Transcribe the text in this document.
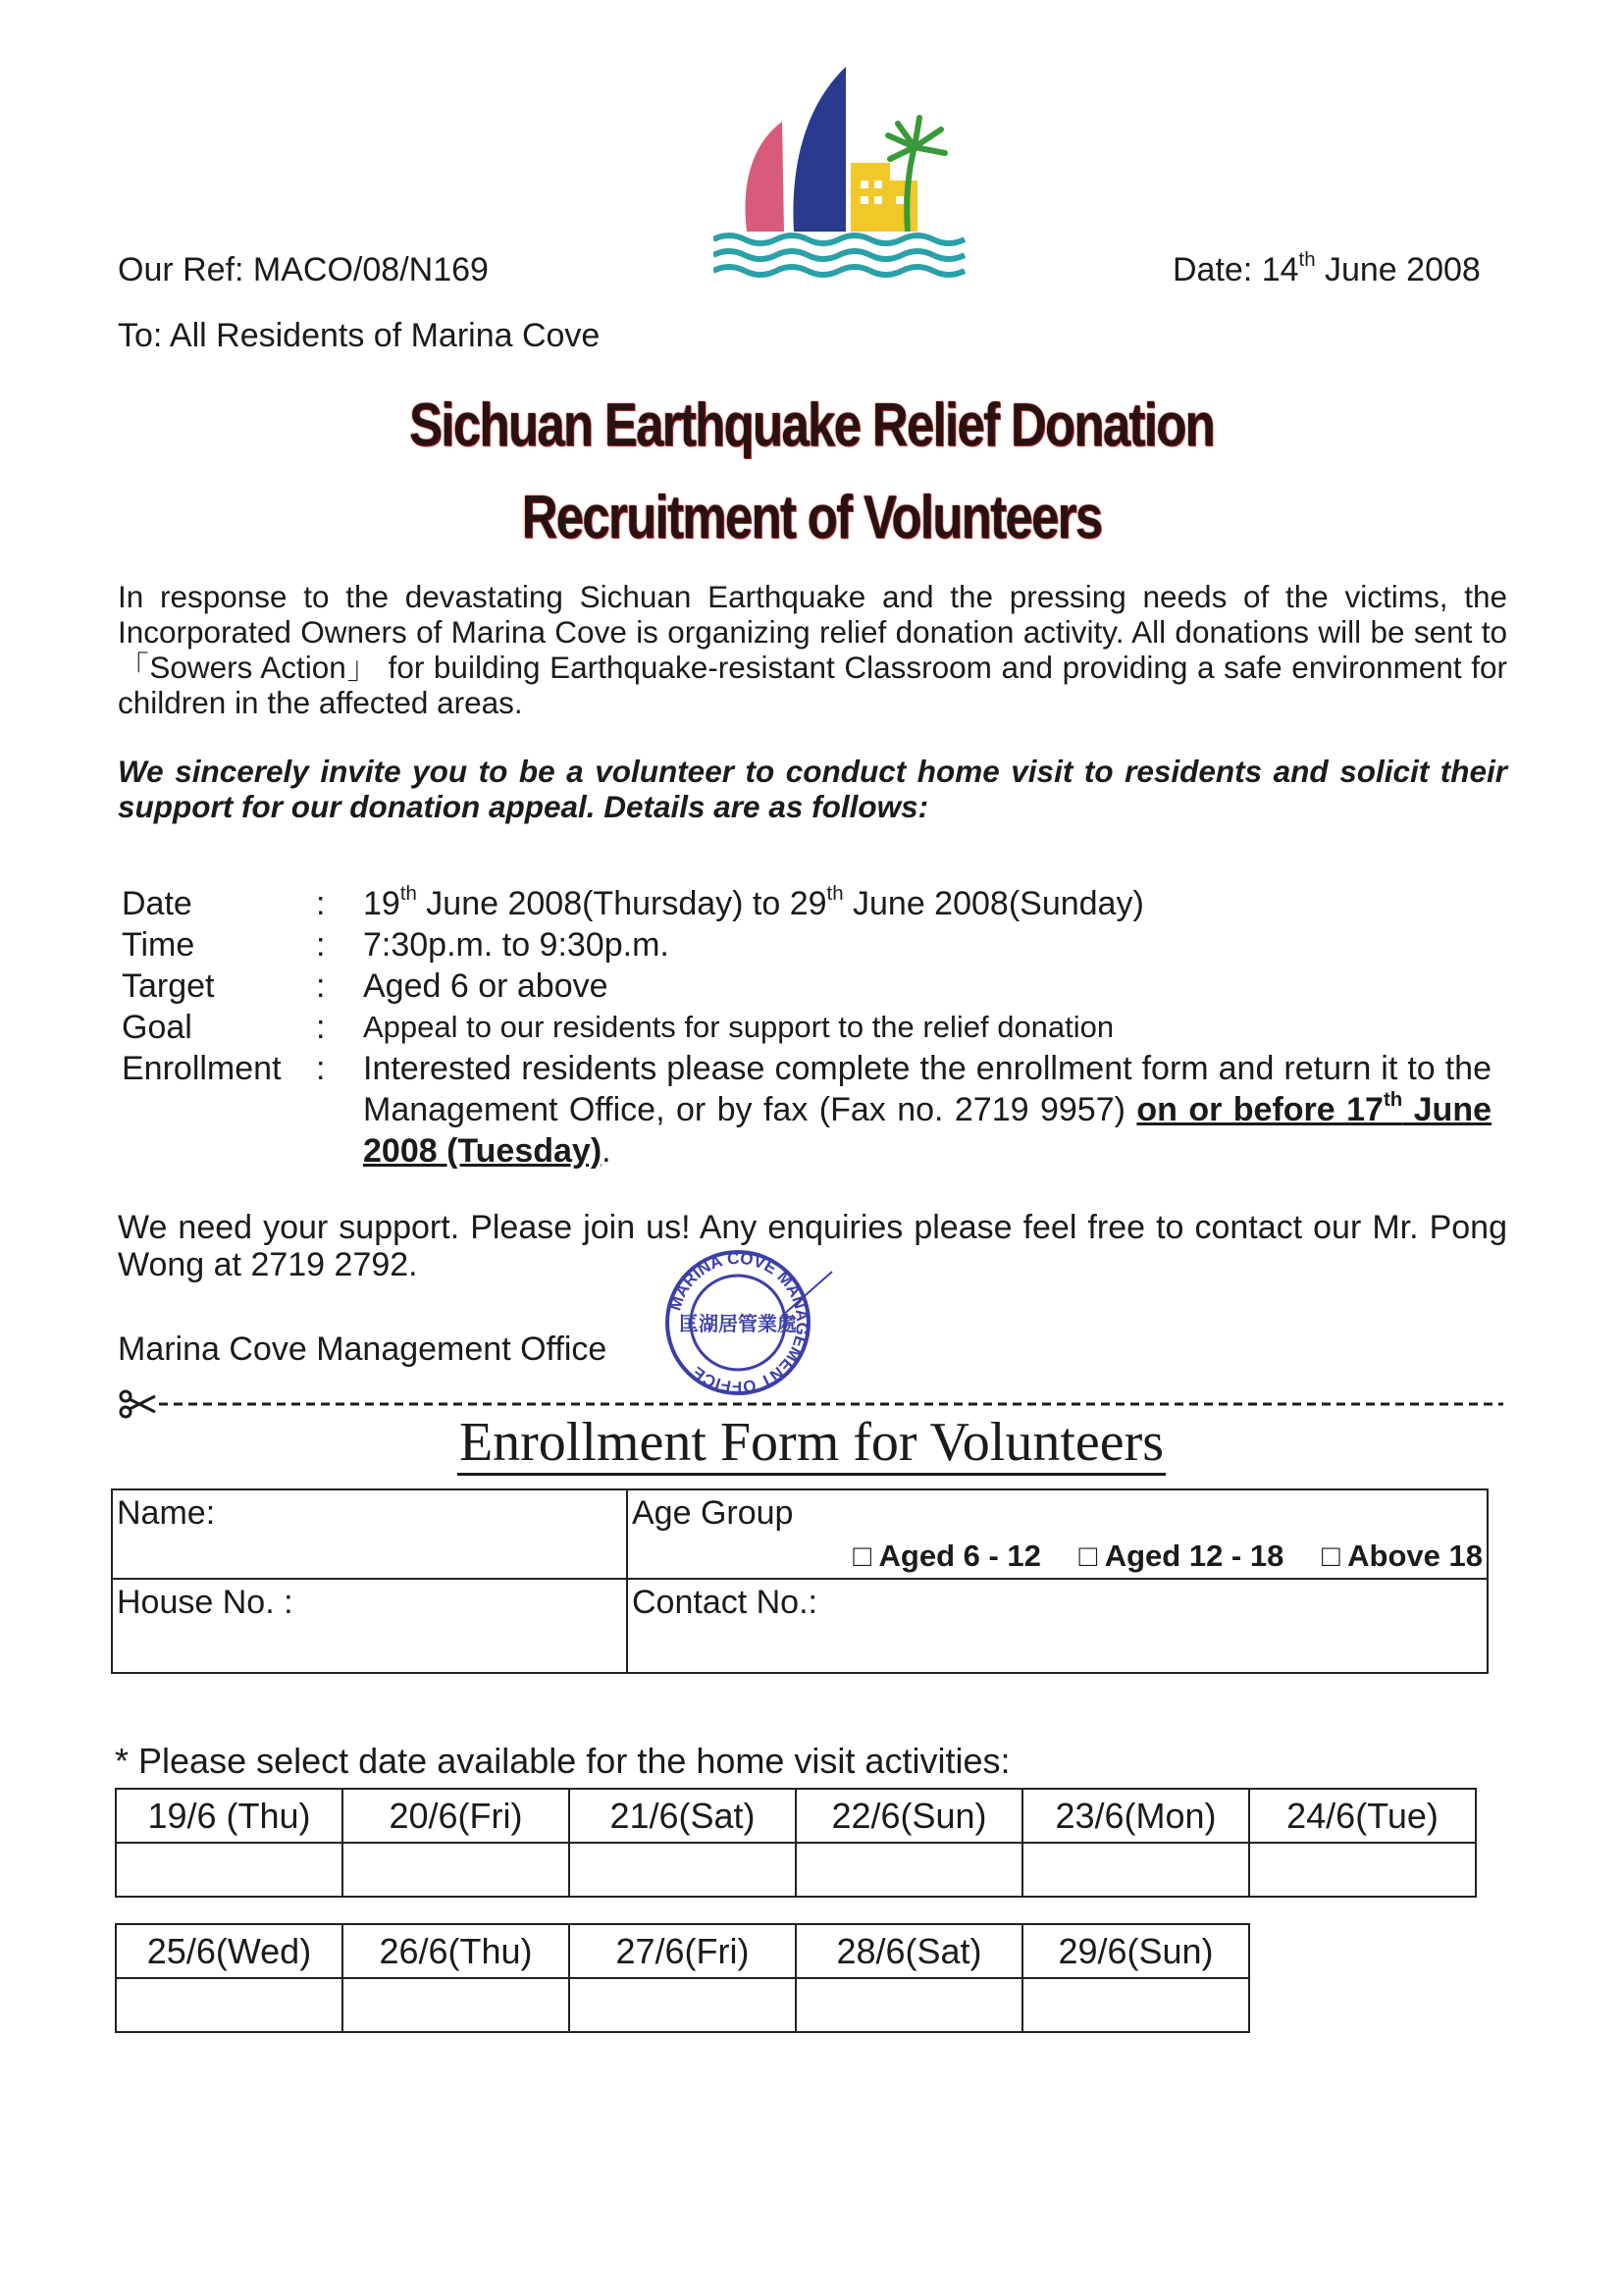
Our Ref: MACO/08/N169	Date: 14th June 2008
To: All Residents of Marina Cove
Sichuan Earthquake Relief Donation
Recruitment of Volunteers
In response to the devastating Sichuan Earthquake and the pressing needs of the victims, the Incorporated Owners of Marina Cove is organizing relief donation activity. All donations will be sent to 「Sowers Action」 for building Earthquake-resistant Classroom and providing a safe environment for children in the affected areas.
We sincerely invite you to be a volunteer to conduct home visit to residents and solicit their support for our donation appeal. Details are as follows:
Date	:	19th June 2008(Thursday) to 29th June 2008(Sunday)
Time	:	7:30p.m. to 9:30p.m.
Target	:	Aged 6 or above
Goal	:	Appeal to our residents for support to the relief donation
Enrollment	:	Interested residents please complete the enrollment form and return it to the Management Office, or by fax (Fax no. 2719 9957) on or before 17th June 2008 (Tuesday).
We need your support. Please join us! Any enquiries please feel free to contact our Mr. Pong Wong at 2719 2792.
Marina Cove Management Office
MARINA COVE MANAGEMENT OFFICE
匡湖居管業處
Enrollment Form for Volunteers
Name:	Age Group
□ Aged 6 - 12 □ Aged 12 - 18 □ Above 18

House No. :	Contact No.:
* Please select date available for the home visit activities:
19/6 (Thu)	20/6(Fri)	21/6(Sat)	22/6(Sun)	23/6(Mon)	24/6(Tue)

25/6(Wed)	26/6(Thu)	27/6(Fri)	28/6(Sat)	29/6(Sun)
